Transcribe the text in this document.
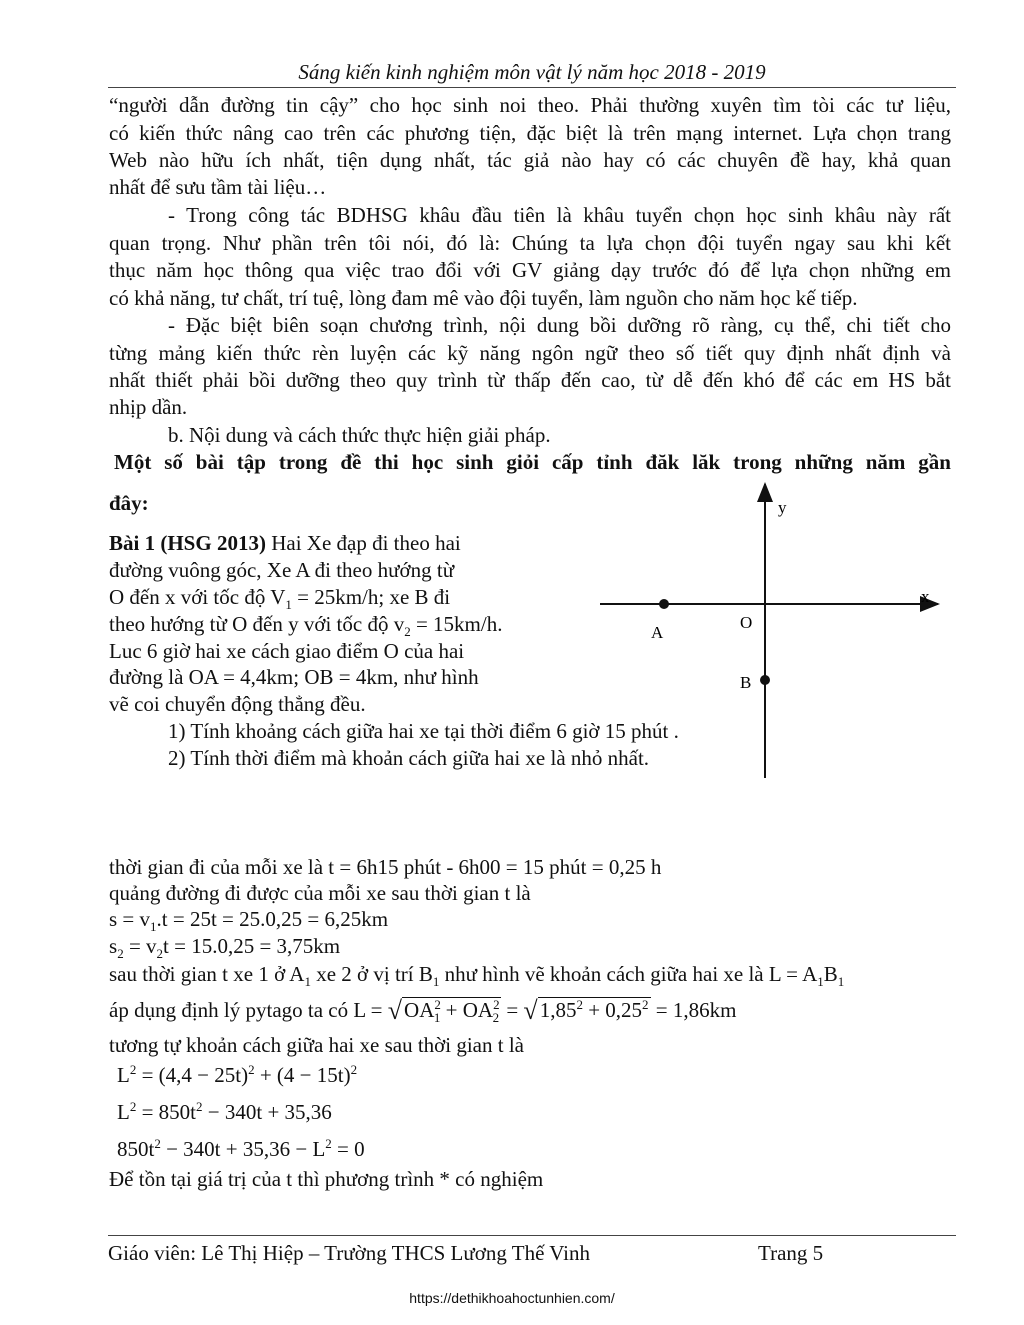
Sáng kiến kinh nghiệm môn vật lý năm học 2018 - 2019
“người dẫn đường tin cậy” cho học sinh noi theo. Phải thường xuyên tìm tòi các tư liệu,
có kiến thức nâng cao trên các phương tiện, đặc biệt là trên mạng internet. Lựa chọn trang
Web nào hữu ích nhất, tiện dụng nhất, tác giả nào hay có các chuyên đề hay, khả quan
nhất để sưu tầm tài liệu…
- Trong công tác BDHSG khâu đầu tiên là khâu tuyển chọn học sinh khâu này rất
quan trọng. Như phần trên tôi nói, đó là: Chúng ta lựa chọn đội tuyển ngay sau khi kết
thục năm học thông qua việc trao đổi với GV giảng dạy trước đó để lựa chọn những em
có khả năng, tư chất, trí tuệ, lòng đam mê vào đội tuyển, làm nguồn cho năm học kế tiếp.
- Đặc biệt biên soạn chương trình, nội dung bồi dưỡng rõ ràng, cụ thể, chi tiết cho
từng mảng kiến thức rèn luyện các kỹ năng ngôn ngữ theo số tiết quy định nhất định và
nhất thiết phải bồi dưỡng theo quy trình từ thấp đến cao, từ dễ đến khó để các em HS bắt
nhịp dần.
b. Nội dung và cách thức thực hiện giải pháp.
Một số bài tập trong đề thi học sinh giỏi cấp tỉnh đăk lăk trong những năm gần
đây:
Bài 1 (HSG 2013) Hai Xe đạp đi theo hai
đường vuông góc, Xe A đi theo hướng từ
O đến x với tốc độ $V_1 = 25km/h$; xe B đi
theo hướng từ O đến y với tốc độ $v_2 = 15km/h$.
Luc 6 giờ hai xe cách giao điểm O của hai
đường là OA = 4,4km; OB = 4km, như hình
vẽ coi chuyển động thẳng đều.
1) Tính khoảng cách giữa hai xe tại thời điểm 6 giờ 15 phút .
2) Tính thời điểm mà khoản cách giữa hai xe là nhỏ nhất.
y
x
A
O
B
thời gian đi của mỗi xe là t = 6h15 phút - 6h00 = 15 phút = 0,25 h
quảng đường đi được của mỗi xe sau thời gian t là
$s = v_1.t = 25t = 25.0,25 = 6,25km$
$s_2 = v_2t = 15.0,25 = 3,75km$
sau thời gian t xe 1 ở $A_1$ xe 2 ở vị trí $B_1$ như hình vẽ khoản cách giữa hai xe là $L = A_1B_1$
áp dụng định lý pytago ta có $L = √OA^2_1 + OA^2_2 = √1,85^2 + 0,25^2 = 1,86km$
tương tự khoản cách giữa hai xe sau thời gian t là
$L^2 = (4,4 - 25t)^2 + (4 - 15t)^2$
$L^2 = 850t^2 - 340t + 35,36$
$850t^2 - 340t + 35,36 - L^2 = 0$
Để tồn tại giá trị của t thì phương trình * có nghiệm
Giáo viên: Lê Thị Hiệp – Trường THCS Lương Thế Vinh	Trang 5
https://dethikhoahoctunhien.com/
